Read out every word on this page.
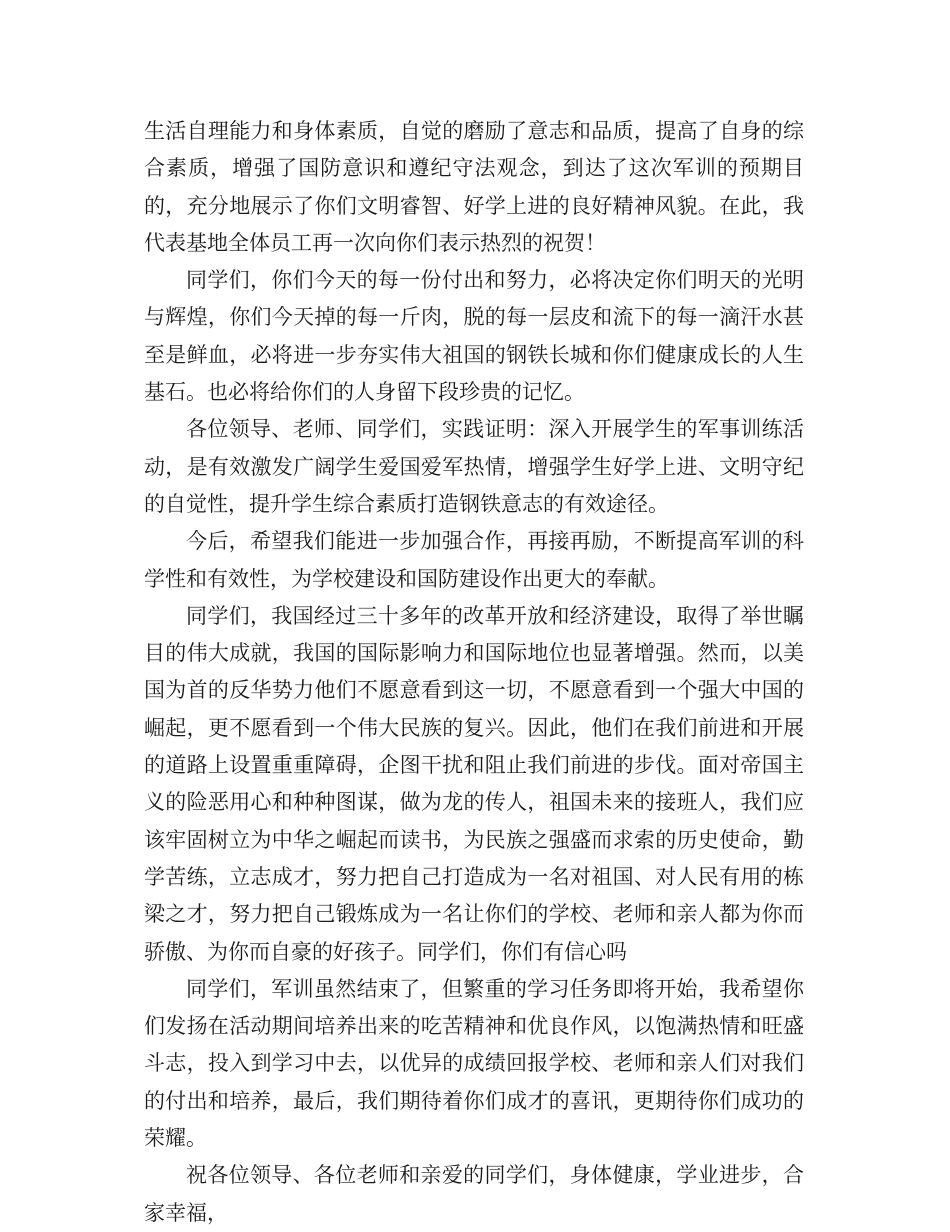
生活自理能力和身体素质，自觉的磨励了意志和品质，提高了自身的综合素质，增强了国防意识和遵纪守法观念，到达了这次军训的预期目的，充分地展示了你们文明睿智、好学上进的良好精神风貌。在此，我代表基地全体员工再一次向你们表示热烈的祝贺！

同学们，你们今天的每一份付出和努力，必将决定你们明天的光明与辉煌，你们今天掉的每一斤肉，脱的每一层皮和流下的每一滴汗水甚至是鲜血，必将进一步夯实伟大祖国的钢铁长城和你们健康成长的人生基石。也必将给你们的人身留下段珍贵的记忆。

各位领导、老师、同学们，实践证明：深入开展学生的军事训练活动，是有效激发广阔学生爱国爱军热情，增强学生好学上进、文明守纪的自觉性，提升学生综合素质打造钢铁意志的有效途径。

今后，希望我们能进一步加强合作，再接再励，不断提高军训的科学性和有效性，为学校建设和国防建设作出更大的奉献。

同学们，我国经过三十多年的改革开放和经济建设，取得了举世瞩目的伟大成就，我国的国际影响力和国际地位也显著增强。然而，以美国为首的反华势力他们不愿意看到这一切，不愿意看到一个强大中国的崛起，更不愿看到一个伟大民族的复兴。因此，他们在我们前进和开展的道路上设置重重障碍，企图干扰和阻止我们前进的步伐。面对帝国主义的险恶用心和种种图谋，做为龙的传人，祖国未来的接班人，我们应该牢固树立为中华之崛起而读书，为民族之强盛而求索的历史使命，勤学苦练，立志成才，努力把自己打造成为一名对祖国、对人民有用的栋梁之才，努力把自己锻炼成为一名让你们的学校、老师和亲人都为你而骄傲、为你而自豪的好孩子。同学们，你们有信心吗

同学们，军训虽然结束了，但繁重的学习任务即将开始，我希望你们发扬在活动期间培养出来的吃苦精神和优良作风，以饱满热情和旺盛斗志，投入到学习中去，以优异的成绩回报学校、老师和亲人们对我们的付出和培养，最后，我们期待着你们成才的喜讯，更期待你们成功的荣耀。

祝各位领导、各位老师和亲爱的同学们，身体健康，学业进步，合家幸福，
